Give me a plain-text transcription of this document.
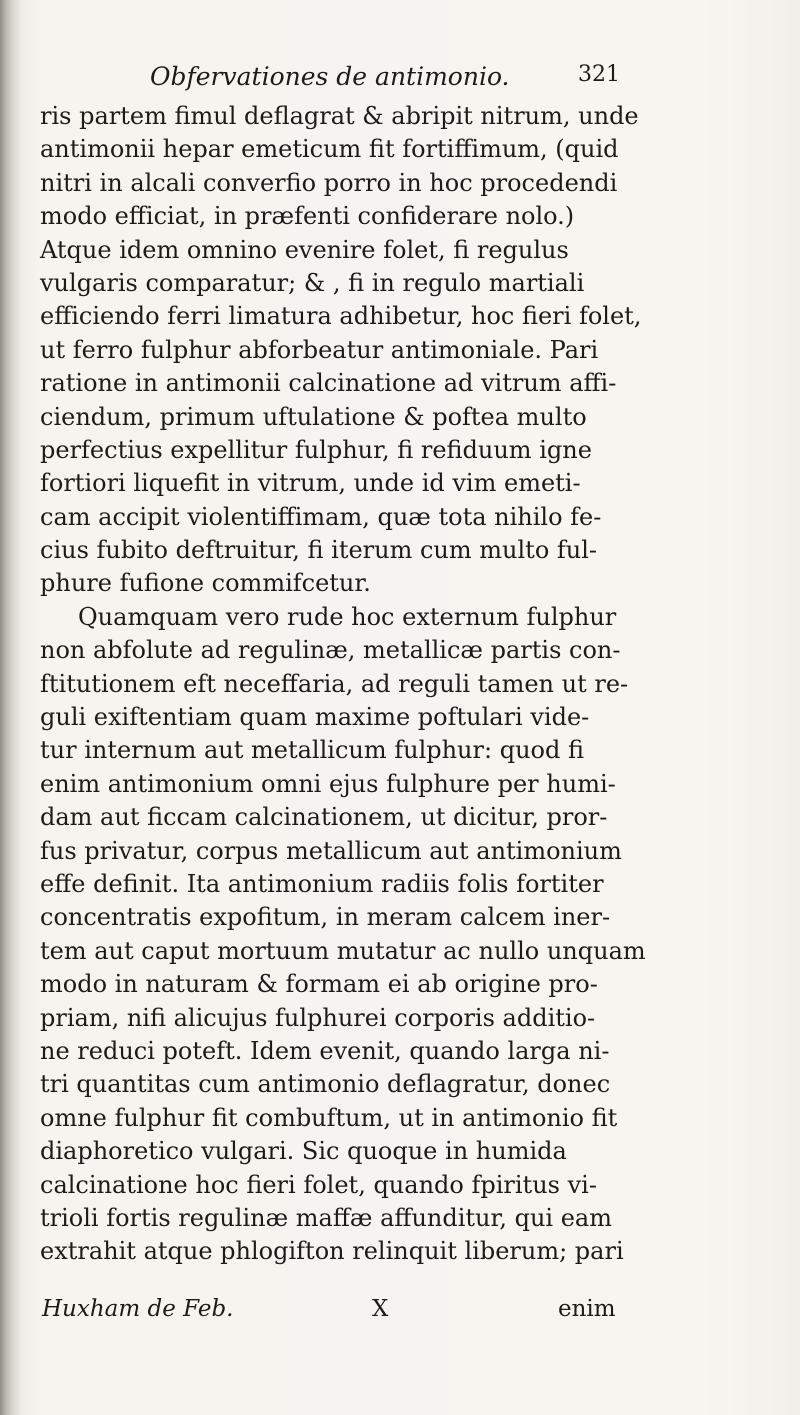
Obfervationes de antimonio.	321
ris partem fimul deflagrat & abripit nitrum, unde
antimonii hepar emeticum fit fortiffimum, (quid
nitri in alcali converfio porro in hoc procedendi
modo efficiat, in præfenti confiderare nolo.)
Atque idem omnino evenire folet, fi regulus
vulgaris comparatur; & , fi in regulo martiali
efficiendo ferri limatura adhibetur, hoc fieri folet,
ut ferro fulphur abforbeatur antimoniale. Pari
ratione in antimonii calcinatione ad vitrum affi-
ciendum, primum uftulatione & poftea multo
perfectius expellitur fulphur, fi refiduum igne
fortiori liquefit in vitrum, unde id vim emeti-
cam accipit violentiffimam, quæ tota nihilo fe-
cius fubito deftruitur, fi iterum cum multo ful-
phure fufione commifcetur.
Quamquam vero rude hoc externum fulphur
non abfolute ad regulinæ, metallicæ partis con-
ftitutionem eft neceffaria, ad reguli tamen ut re-
guli exiftentiam quam maxime poftulari vide-
tur internum aut metallicum fulphur: quod fi
enim antimonium omni ejus fulphure per humi-
dam aut ficcam calcinationem, ut dicitur, pror-
fus privatur, corpus metallicum aut antimonium
effe definit. Ita antimonium radiis folis fortiter
concentratis expofitum, in meram calcem iner-
tem aut caput mortuum mutatur ac nullo unquam
modo in naturam & formam ei ab origine pro-
priam, nifi alicujus fulphurei corporis additio-
ne reduci poteft. Idem evenit, quando larga ni-
tri quantitas cum antimonio deflagratur, donec
omne fulphur fit combuftum, ut in antimonio fit
diaphoretico vulgari. Sic quoque in humida
calcinatione hoc fieri folet, quando fpiritus vi-
trioli fortis regulinæ maffæ affunditur, qui eam
extrahit atque phlogifton relinquit liberum; pari
Huxham de Feb.	X	enim
